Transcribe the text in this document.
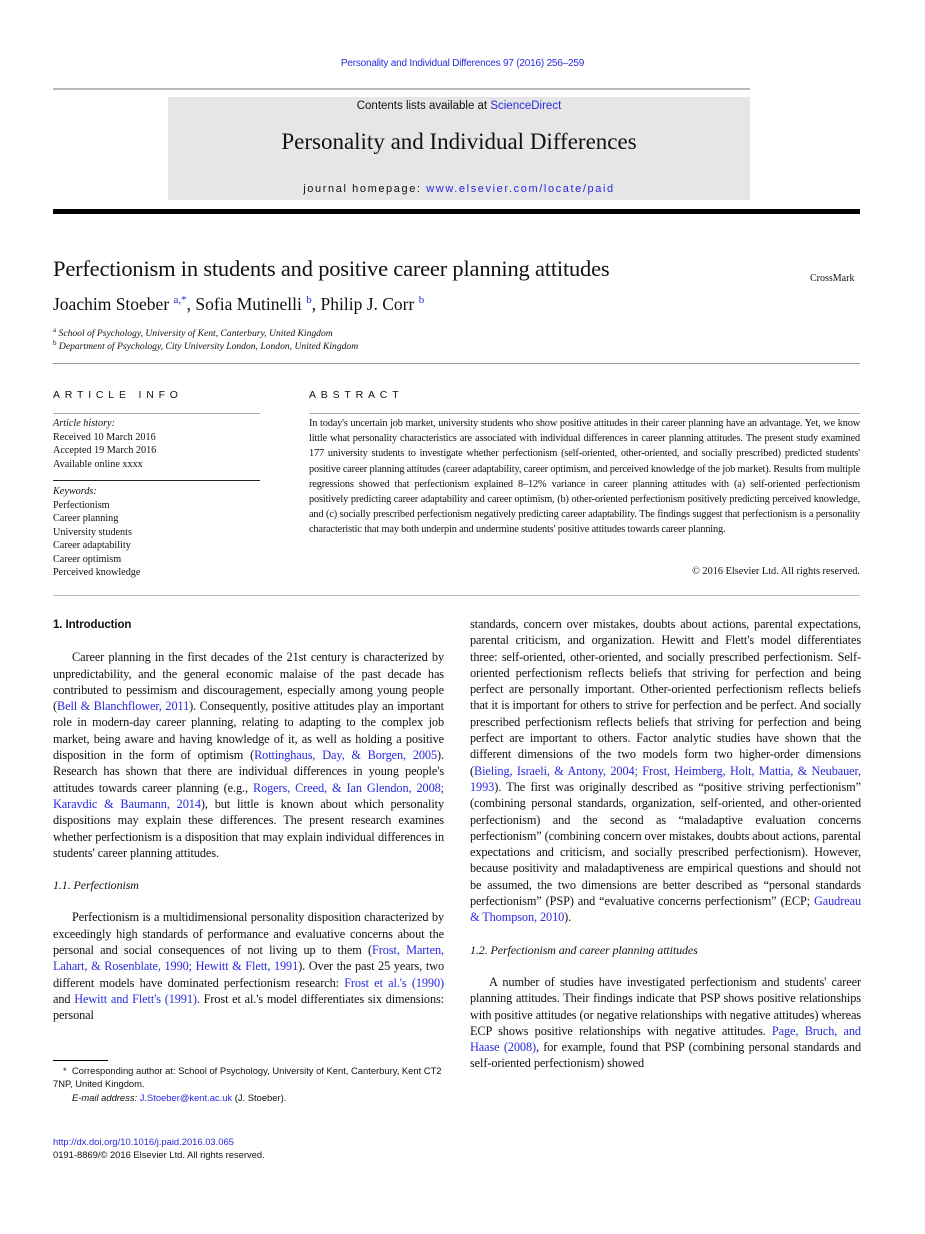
Personality and Individual Differences 97 (2016) 256–259
Contents lists available at ScienceDirect
Personality and Individual Differences
journal homepage: www.elsevier.com/locate/paid
Perfectionism in students and positive career planning attitudes	CrossMark
Joachim Stoeber $^{a,*}$, Sofia Mutinelli $^b$, Philip J. Corr $^b$
$^a$ School of Psychology, University of Kent, Canterbury, United Kingdom
$^b$ Department of Psychology, City University London, London, United Kingdom
ARTICLE INFO
Article history:
Received 10 March 2016
Accepted 19 March 2016
Available online xxxx
Keywords:
Perfectionism
Career planning
University students
Career adaptability
Career optimism
Perceived knowledge
ABSTRACT
In today's uncertain job market, university students who show positive attitudes in their career planning have an advantage. Yet, we know little what personality characteristics are associated with individual differences in career planning attitudes. The present study examined 177 university students to investigate whether perfectionism (self-oriented, other-oriented, and socially prescribed) predicted students' positive career planning attitudes (career adaptability, career optimism, and perceived knowledge of the job market). Results from multiple regressions showed that perfectionism explained 8–12% variance in career planning attitudes with (a) self-oriented perfectionism positively predicting career adaptability and career optimism, (b) other-oriented perfectionism positively predicting perceived knowledge, and (c) socially prescribed perfectionism negatively predicting career adaptability. The findings suggest that perfectionism is a personality characteristic that may both underpin and undermine students' positive attitudes towards career planning.
© 2016 Elsevier Ltd. All rights reserved.
1. Introduction

Career planning in the first decades of the 21st century is characterized by unpredictability, and the general economic malaise of the past decade has contributed to pessimism and discouragement, especially among young people (Bell & Blanchflower, 2011). Consequently, positive attitudes play an important role in modern-day career planning, relating to adapting to the complex job market, being aware and having knowledge of it, as well as holding a positive disposition in the form of optimism (Rottinghaus, Day, & Borgen, 2005). Research has shown that there are individual differences in young people's attitudes towards career planning (e.g., Rogers, Creed, & Ian Glendon, 2008; Karavdic & Baumann, 2014), but little is known about which personality dispositions may explain these differences. The present research examines whether perfectionism is a disposition that may explain individual differences in students' career planning attitudes.

1.1. Perfectionism

Perfectionism is a multidimensional personality disposition characterized by exceedingly high standards of performance and evaluative concerns about the personal and social consequences of not living up to them (Frost, Marten, Lahart, & Rosenblate, 1990; Hewitt & Flett, 1991). Over the past 25 years, two different models have dominated perfectionism research: Frost et al.'s (1990) and Hewitt and Flett's (1991). Frost et al.'s model differentiates six dimensions: personal

standards, concern over mistakes, doubts about actions, parental expectations, parental criticism, and organization. Hewitt and Flett's model differentiates three: self-oriented, other-oriented, and socially prescribed perfectionism. Self-oriented perfectionism reflects beliefs that striving for perfection and being perfect are personally important. Other-oriented perfectionism reflects beliefs that it is important for others to strive for perfection and be perfect. And socially prescribed perfectionism reflects beliefs that striving for perfection and being perfect are important to others. Factor analytic studies have shown that the different dimensions of the two models form two higher-order dimensions (Bieling, Israeli, & Antony, 2004; Frost, Heimberg, Holt, Mattia, & Neubauer, 1993). The first was originally described as “positive striving perfectionism” (combining personal standards, organization, self-oriented, and other-oriented perfectionism) and the second as “maladaptive evaluation concerns perfectionism” (combining concern over mistakes, doubts about actions, parental expectations and criticism, and socially prescribed perfectionism). However, because positivity and maladaptiveness are empirical questions and should not be assumed, the two dimensions are better described as “personal standards perfectionism” (PSP) and “evaluative concerns perfectionism” (ECP; Gaudreau & Thompson, 2010).

1.2. Perfectionism and career planning attitudes

A number of studies have investigated perfectionism and students' career planning attitudes. Their findings indicate that PSP shows positive relationships with positive attitudes (or negative relationships with negative attitudes) whereas ECP shows positive relationships with negative attitudes. Page, Bruch, and Haase (2008), for example, found that PSP (combining personal standards and self-oriented perfectionism) showed

* Corresponding author at: School of Psychology, University of Kent, Canterbury, Kent CT2 7NP, United Kingdom.
E-mail address: J.Stoeber@kent.ac.uk (J. Stoeber).
http://dx.doi.org/10.1016/j.paid.2016.03.065
0191-8869/© 2016 Elsevier Ltd. All rights reserved.
